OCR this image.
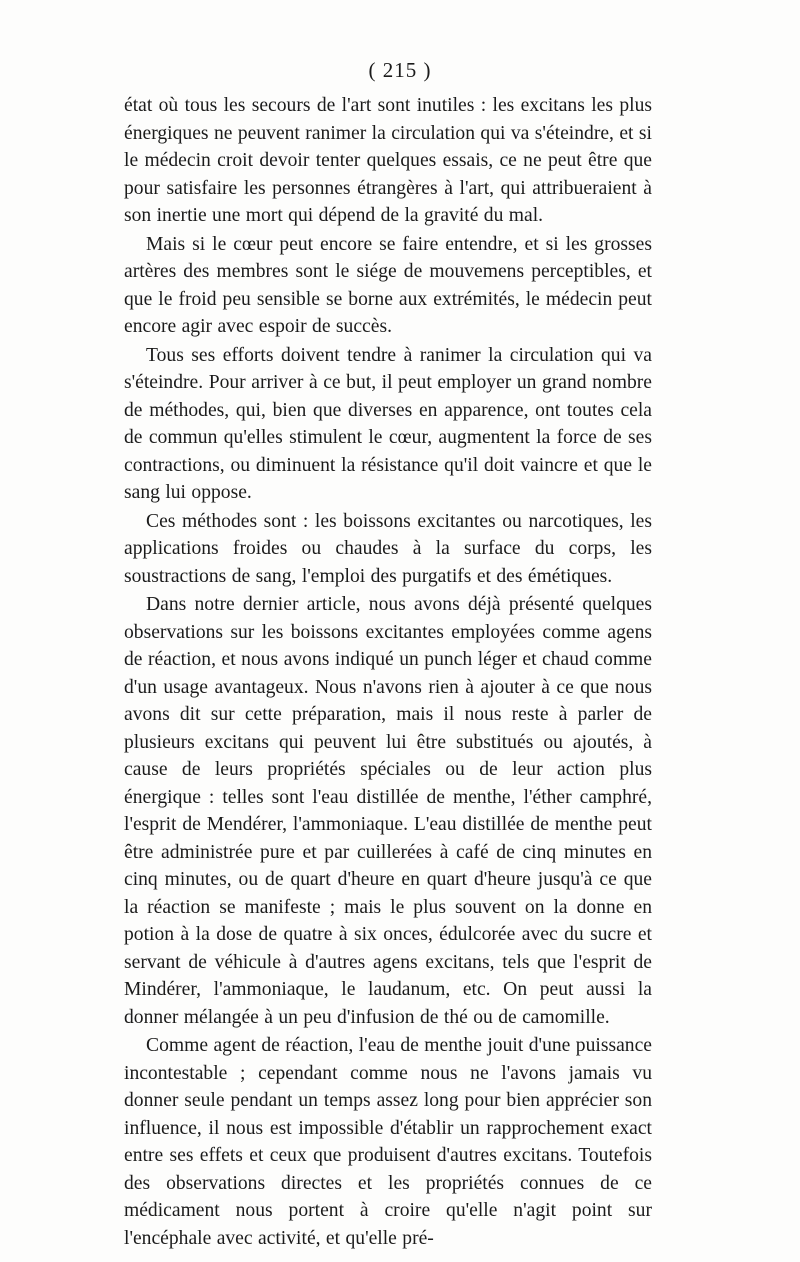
( 215 )

état où tous les secours de l'art sont inutiles : les excitans les plus énergiques ne peuvent ranimer la circulation qui va s'éteindre, et si le médecin croit devoir tenter quelques essais, ce ne peut être que pour satisfaire les personnes étrangères à l'art, qui attribueraient à son inertie une mort qui dépend de la gravité du mal.

Mais si le cœur peut encore se faire entendre, et si les grosses artères des membres sont le siége de mouvemens perceptibles, et que le froid peu sensible se borne aux extrémités, le médecin peut encore agir avec espoir de succès.

Tous ses efforts doivent tendre à ranimer la circulation qui va s'éteindre. Pour arriver à ce but, il peut employer un grand nombre de méthodes, qui, bien que diverses en apparence, ont toutes cela de commun qu'elles stimulent le cœur, augmentent la force de ses contractions, ou diminuent la résistance qu'il doit vaincre et que le sang lui oppose.

Ces méthodes sont : les boissons excitantes ou narcotiques, les applications froides ou chaudes à la surface du corps, les soustractions de sang, l'emploi des purgatifs et des émétiques.

Dans notre dernier article, nous avons déjà présenté quelques observations sur les boissons excitantes employées comme agens de réaction, et nous avons indiqué un punch léger et chaud comme d'un usage avantageux. Nous n'avons rien à ajouter à ce que nous avons dit sur cette préparation, mais il nous reste à parler de plusieurs excitans qui peuvent lui être substitués ou ajoutés, à cause de leurs propriétés spéciales ou de leur action plus énergique : telles sont l'eau distillée de menthe, l'éther camphré, l'esprit de Mendérer, l'ammoniaque. L'eau distillée de menthe peut être administrée pure et par cuillerées à café de cinq minutes en cinq minutes, ou de quart d'heure en quart d'heure jusqu'à ce que la réaction se manifeste ; mais le plus souvent on la donne en potion à la dose de quatre à six onces, édulcorée avec du sucre et servant de véhicule à d'autres agens excitans, tels que l'esprit de Mindérer, l'ammoniaque, le laudanum, etc. On peut aussi la donner mélangée à un peu d'infusion de thé ou de camomille.

Comme agent de réaction, l'eau de menthe jouit d'une puissance incontestable ; cependant comme nous ne l'avons jamais vu donner seule pendant un temps assez long pour bien apprécier son influence, il nous est impossible d'établir un rapprochement exact entre ses effets et ceux que produisent d'autres excitans. Toutefois des observations directes et les propriétés connues de ce médicament nous portent à croire qu'elle n'agit point sur l'encéphale avec activité, et qu'elle pré-
